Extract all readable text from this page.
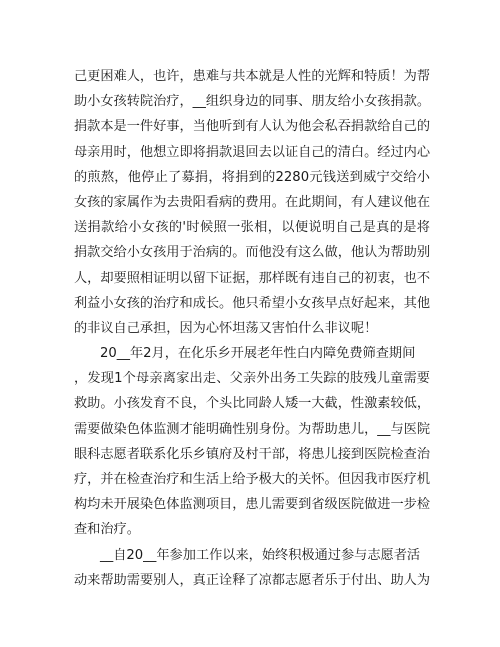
己更困难人，也许，患难与共本就是人性的光辉和特质！为帮
助小女孩转院治疗，__组织身边的同事、朋友给小女孩捐款。
捐款本是一件好事，当他听到有人认为他会私吞捐款给自己的
母亲用时，他想立即将捐款退回去以证自己的清白。经过内心
的煎熬，他停止了募捐，将捐到的2280元钱送到威宁交给小
女孩的家属作为去贵阳看病的费用。在此期间，有人建议他在
送捐款给小女孩的'时候照一张相，以便说明自己是真的是将
捐款交给小女孩用于治病的。而他没有这么做，他认为帮助别
人，却要照相证明以留下证据，那样既有违自己的初衷，也不
利益小女孩的治疗和成长。他只希望小女孩早点好起来，其他
的非议自己承担，因为心怀坦荡又害怕什么非议呢！
20__年2月，在化乐乡开展老年性白内障免费筛查期间
，发现1个母亲离家出走、父亲外出务工失踪的肢残儿童需要
救助。小孩发育不良，个头比同龄人矮一大截，性激素较低，
需要做染色体监测才能明确性别身份。为帮助患儿，__与医院
眼科志愿者联系化乐乡镇府及村干部，将患儿接到医院检查治
疗，并在检查治疗和生活上给予极大的关怀。但因我市医疗机
构均未开展染色体监测项目，患儿需要到省级医院做进一步检
查和治疗。
__自20__年参加工作以来，始终积极通过参与志愿者活
动来帮助需要别人，真正诠释了凉都志愿者乐于付出、助人为
